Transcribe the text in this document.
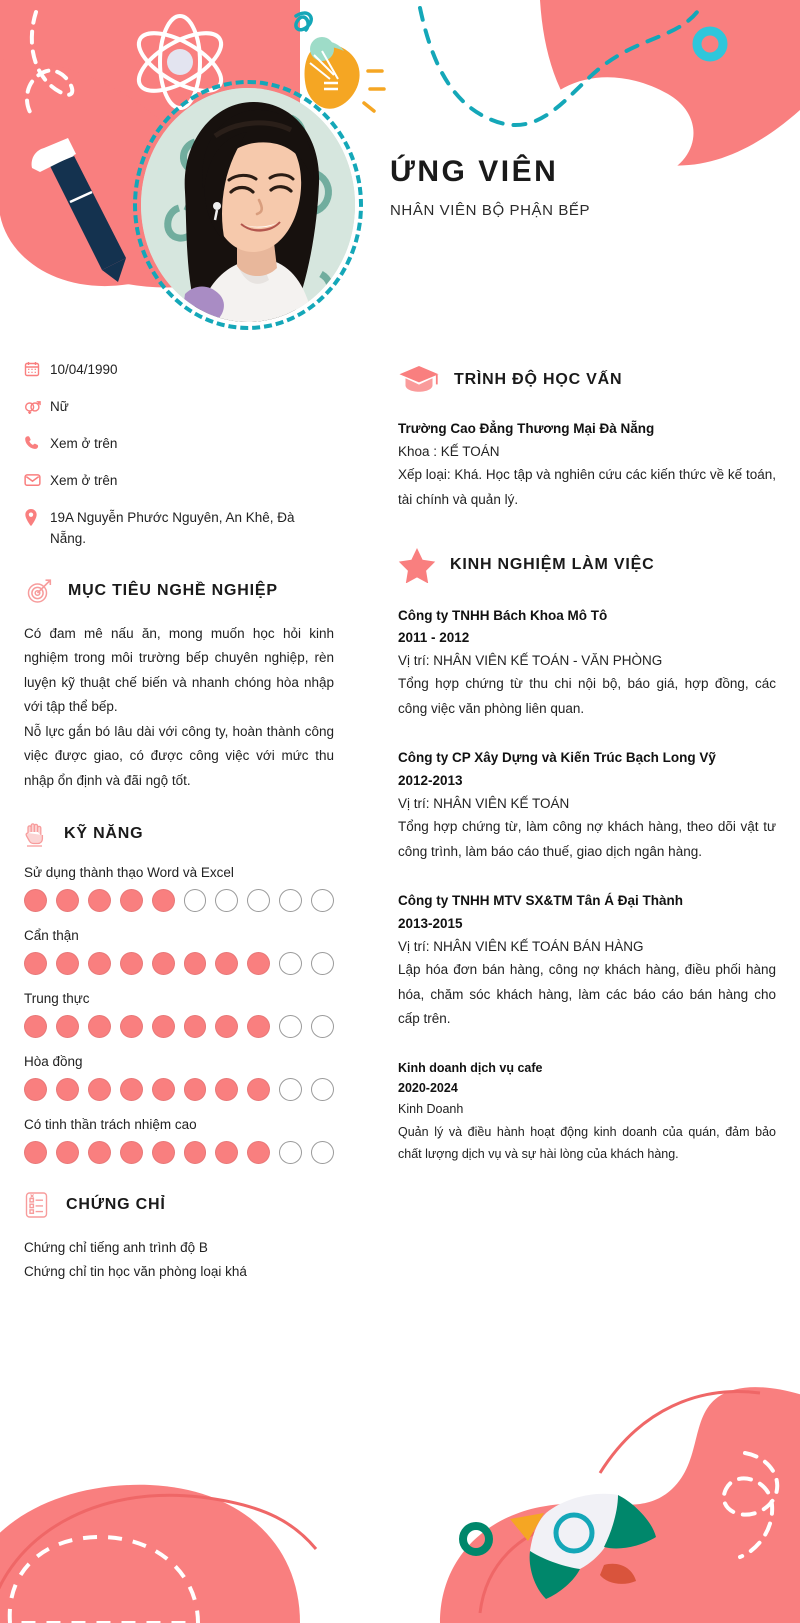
ỨNG VIÊN
NHÂN VIÊN BỘ PHẬN BẾP
10/04/1990
Nữ
Xem ở trên
Xem ở trên
19A Nguyễn Phước Nguyên, An Khê, Đà Nẵng.
MỤC TIÊU NGHỀ NGHIỆP
Có đam mê nấu ăn, mong muốn học hỏi kinh nghiệm trong môi trường bếp chuyên nghiệp, rèn luyện kỹ thuật chế biến và nhanh chóng hòa nhập với tập thể bếp.
Nỗ lực gắn bó lâu dài với công ty, hoàn thành công việc được giao, có được công việc với mức thu nhập ổn định và đãi ngộ tốt.
KỸ NĂNG
Sử dụng thành thạo Word và Excel
Cẩn thận
Trung thực
Hòa đồng
Có tinh thần trách nhiệm cao
CHỨNG CHỈ
Chứng chỉ tiếng anh trình độ B
Chứng chỉ tin học văn phòng loại khá
TRÌNH ĐỘ HỌC VẤN
Trường Cao Đẳng Thương Mại Đà Nẵng
Khoa : KẾ TOÁN
Xếp loại: Khá. Học tập và nghiên cứu các kiến thức về kế toán, tài chính và quản lý.
KINH NGHIỆM LÀM VIỆC
Công ty TNHH Bách Khoa Mô Tô
2011 - 2012
Vị trí: NHÂN VIÊN KẾ TOÁN - VĂN PHÒNG
Tổng hợp chứng từ thu chi nội bộ, báo giá, hợp đồng, các công việc văn phòng liên quan.
Công ty CP Xây Dựng và Kiến Trúc Bạch Long Vỹ
2012-2013
Vị trí: NHÂN VIÊN KẾ TOÁN
Tổng hợp chứng từ, làm công nợ khách hàng, theo dõi vật tư công trình, làm báo cáo thuế, giao dịch ngân hàng.
Công ty TNHH MTV SX&TM Tân Á Đại Thành
2013-2015
Vị trí: NHÂN VIÊN KẾ TOÁN BÁN HÀNG
Lập hóa đơn bán hàng, công nợ khách hàng, điều phối hàng hóa, chăm sóc khách hàng, làm các báo cáo bán hàng cho cấp trên.
Kinh doanh dịch vụ cafe
2020-2024
Kinh Doanh
Quản lý và điều hành hoạt động kinh doanh của quán, đảm bảo chất lượng dịch vụ và sự hài lòng của khách hàng.
